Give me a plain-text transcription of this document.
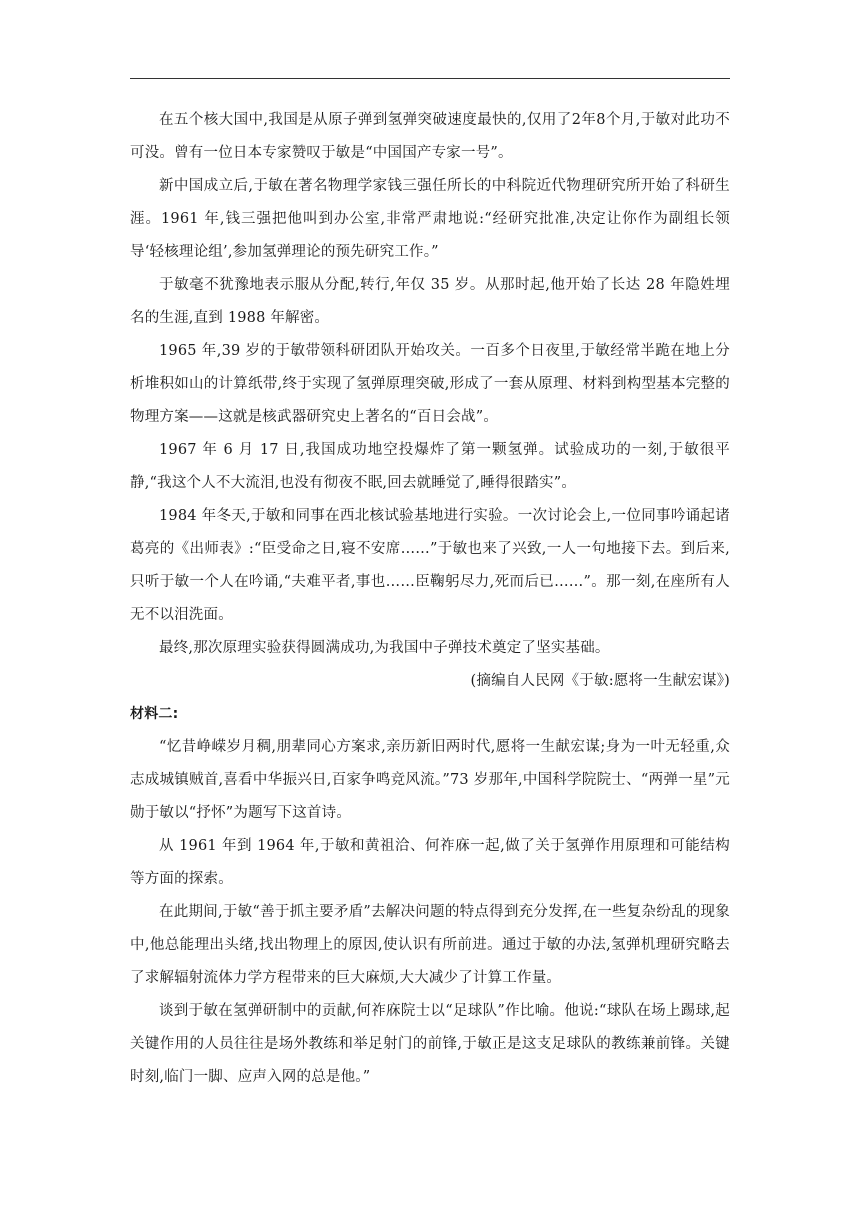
在五个核大国中,我国是从原子弹到氢弹突破速度最快的,仅用了2年8个月,于敏对此功不可没。曾有一位日本专家赞叹于敏是“中国国产专家一号”。

新中国成立后,于敏在著名物理学家钱三强任所长的中科院近代物理研究所开始了科研生涯。1961 年,钱三强把他叫到办公室,非常严肃地说:“经研究批准,决定让你作为副组长领导‘轻核理论组’,参加氢弹理论的预先研究工作。”

于敏毫不犹豫地表示服从分配,转行,年仅 35 岁。从那时起,他开始了长达 28 年隐姓埋名的生涯,直到 1988 年解密。

1965 年,39 岁的于敏带领科研团队开始攻关。一百多个日夜里,于敏经常半跪在地上分析堆积如山的计算纸带,终于实现了氢弹原理突破,形成了一套从原理、材料到构型基本完整的物理方案——这就是核武器研究史上著名的“百日会战”。

1967 年 6 月 17 日,我国成功地空投爆炸了第一颗氢弹。试验成功的一刻,于敏很平静,“我这个人不大流泪,也没有彻夜不眠,回去就睡觉了,睡得很踏实”。

1984 年冬天,于敏和同事在西北核试验基地进行实验。一次讨论会上,一位同事吟诵起诸葛亮的《出师表》:“臣受命之日,寝不安席……”于敏也来了兴致,一人一句地接下去。到后来,只听于敏一个人在吟诵,“夫难平者,事也……臣鞠躬尽力,死而后已……”。那一刻,在座所有人无不以泪洗面。

最终,那次原理实验获得圆满成功,为我国中子弹技术奠定了坚实基础。

(摘编自人民网《于敏:愿将一生献宏谋》)

材料二:

“忆昔峥嵘岁月稠,朋辈同心方案求,亲历新旧两时代,愿将一生献宏谋;身为一叶无轻重,众志成城镇贼首,喜看中华振兴日,百家争鸣竞风流。”73 岁那年,中国科学院院士、“两弹一星”元勋于敏以“抒怀”为题写下这首诗。

从 1961 年到 1964 年,于敏和黄祖洽、何祚庥一起,做了关于氢弹作用原理和可能结构等方面的探索。

在此期间,于敏“善于抓主要矛盾”去解决问题的特点得到充分发挥,在一些复杂纷乱的现象中,他总能理出头绪,找出物理上的原因,使认识有所前进。通过于敏的办法,氢弹机理研究略去了求解辐射流体力学方程带来的巨大麻烦,大大减少了计算工作量。

谈到于敏在氢弹研制中的贡献,何祚庥院士以“足球队”作比喻。他说:“球队在场上踢球,起关键作用的人员往往是场外教练和举足射门的前锋,于敏正是这支足球队的教练兼前锋。关键时刻,临门一脚、应声入网的总是他。”
